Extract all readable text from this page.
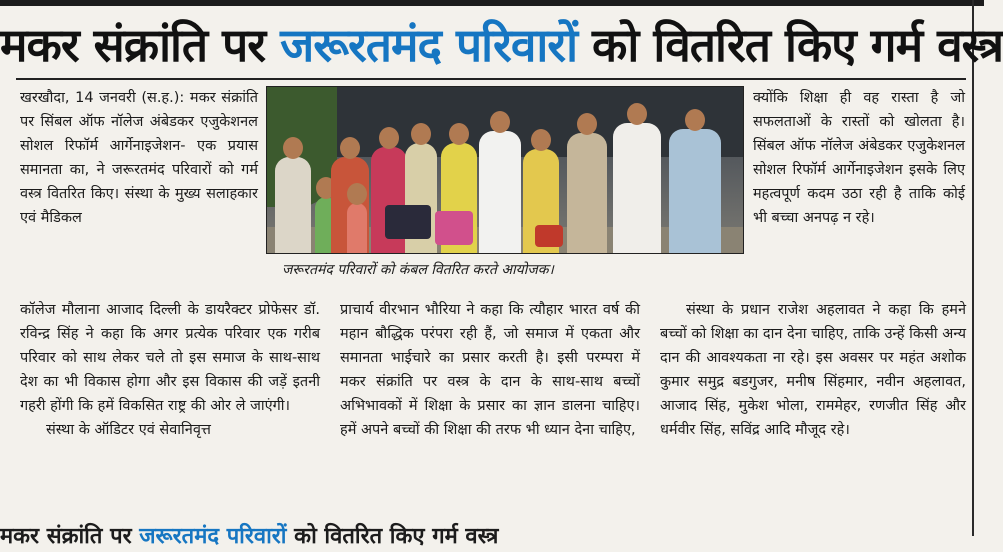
मकर संक्रांति पर जरूरतमंद परिवारों को वितरित किए गर्म वस्त्र

खरखौदा, 14 जनवरी (स.ह.): मकर संक्रांति पर सिंबल ऑफ नॉलेज अंबेडकर एजुकेशनल सोशल रिफॉर्म आर्गेनाइजेशन- एक प्रयास समानता का, ने जरूरतमंद परिवारों को गर्म वस्त्र वितरित किए। संस्था के मुख्य सलाहकार एवं मैडिकल

जरूरतमंद परिवारों को कंबल वितरित करते आयोजक।

कॉलेज मौलाना आजाद दिल्ली के डायरैक्टर प्रोफेसर डॉ. रविन्द्र सिंह ने कहा कि अगर प्रत्येक परिवार एक गरीब परिवार को साथ लेकर चले तो इस समाज के साथ-साथ देश का भी विकास होगा और इस विकास की जड़ें इतनी गहरी होंगी कि हमें विकसित राष्ट्र की ओर ले जाएंगी।

संस्था के ऑडिटर एवं सेवानिवृत्त

प्राचार्य वीरभान भौरिया ने कहा कि त्यौहार भारत वर्ष की महान बौद्धिक परंपरा रही हैं, जो समाज में एकता और समानता भाईचारे का प्रसार करती है। इसी परम्परा में मकर संक्रांति पर वस्त्र के दान के साथ-साथ बच्चों अभिभावकों में शिक्षा के प्रसार का ज्ञान डालना चाहिए। हमें अपने बच्चों की शिक्षा की तरफ भी ध्यान देना चाहिए,

क्योंकि शिक्षा ही वह रास्ता है जो सफलताओं के रास्तों को खोलता है। सिंबल ऑफ नॉलेज अंबेडकर एजुकेशनल सोशल रिफॉर्म आर्गेनाइजेशन इसके लिए महत्वपूर्ण कदम उठा रही है ताकि कोई भी बच्चा अनपढ़ न रहे।

संस्था के प्रधान राजेश अहलावत ने कहा कि हमने बच्चों को शिक्षा का दान देना चाहिए, ताकि उन्हें किसी अन्य दान की आवश्यकता ना रहे। इस अवसर पर महंत अशोक कुमार समुद्र बडगुजर, मनीष सिंहमार, नवीन अहलावत, आजाद सिंह, मुकेश भोला, राममेहर, रणजीत सिंह और धर्मवीर सिंह, सविंद्र आदि मौजूद रहे।

मकर संक्रांति पर जरूरतमंद परिवारों को वितरित किए गर्म वस्त्र
